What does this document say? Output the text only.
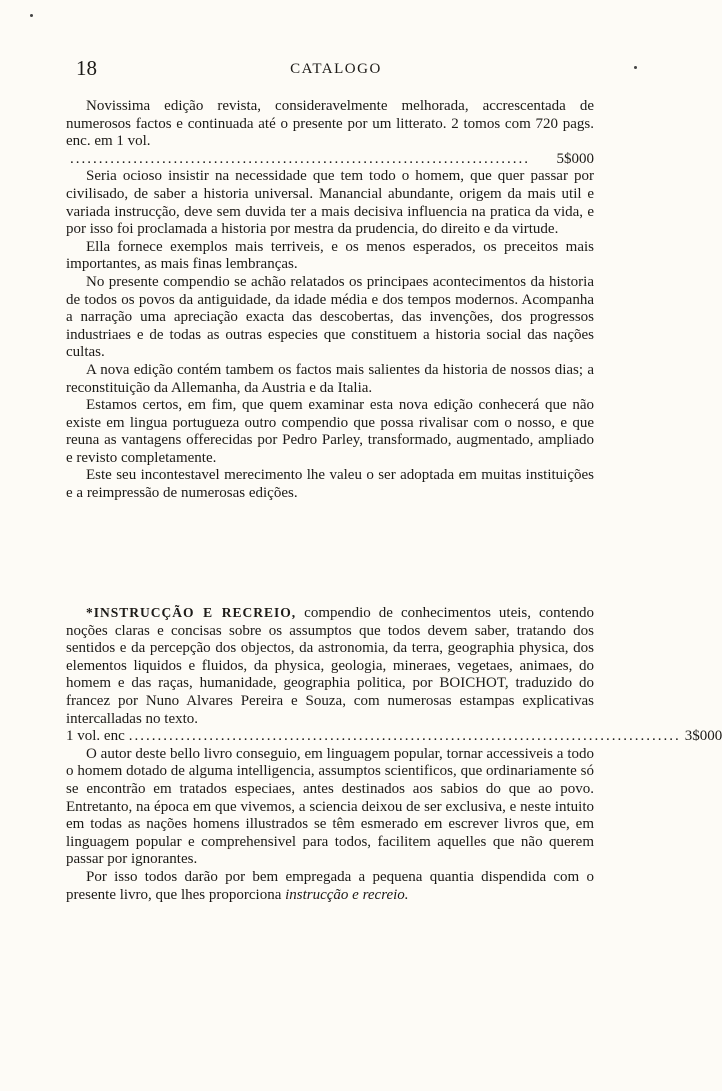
18	CATALOGO

Novissima edição revista, consideravelmente melhorada, accrescentada de numerosos factos e continuada até o presente por um litterato. 2 tomos com 720 pags. enc. em 1 vol.

................................................................................	5$000

Seria ocioso insistir na necessidade que tem todo o homem, que quer passar por civilisado, de saber a historia universal. Manancial abundante, origem da mais util e variada instrucção, deve sem duvida ter a mais decisiva influencia na pratica da vida, e por isso foi proclamada a historia por mestra da prudencia, do direito e da virtude.

Ella fornece exemplos mais terriveis, e os menos esperados, os preceitos mais importantes, as mais finas lembranças.

No presente compendio se achão relatados os principaes acontecimentos da historia de todos os povos da antiguidade, da idade média e dos tempos modernos. Acompanha a narração uma apreciação exacta das descobertas, das invenções, dos progressos industriaes e de todas as outras especies que constituem a historia social das nações cultas.

A nova edição contém tambem os factos mais salientes da historia de nossos dias; a reconstituição da Allemanha, da Austria e da Italia.

Estamos certos, em fim, que quem examinar esta nova edição conhecerá que não existe em lingua portugueza outro compendio que possa rivalisar com o nosso, e que reuna as vantagens offerecidas por Pedro Parley, transformado, augmentado, ampliado e revisto completamente.

Este seu incontestavel merecimento lhe valeu o ser adoptada em muitas instituições e a reimpressão de numerosas edições.

*INSTRUCÇÃO E RECREIO, compendio de conhecimentos uteis, contendo noções claras e concisas sobre os assumptos que todos devem saber, tratando dos sentidos e da percepção dos objectos, da astronomia, da terra, geographia physica, dos elementos liquidos e fluidos, da physica, geologia, mineraes, vegetaes, animaes, do homem e das raças, humanidade, geographia politica, por BOICHOT, traduzido do francez por Nuno Alvares Pereira e Souza, com numerosas estampas explicativas intercalladas no texto.

1 vol. enc ................................................................................................ 3$000

O autor deste bello livro conseguio, em linguagem popular, tornar accessiveis a todo o homem dotado de alguma intelligencia, assumptos scientificos, que ordinariamente só se encontrão em tratados especiaes, antes destinados aos sabios do que ao povo. Entretanto, na época em que vivemos, a sciencia deixou de ser exclusiva, e neste intuito em todas as nações homens illustrados se têm esmerado em escrever livros que, em linguagem popular e comprehensivel para todos, facilitem aquelles que não querem passar por ignorantes.

Por isso todos darão por bem empregada a pequena quantia dispendida com o presente livro, que lhes proporciona instrucção e recreio.
